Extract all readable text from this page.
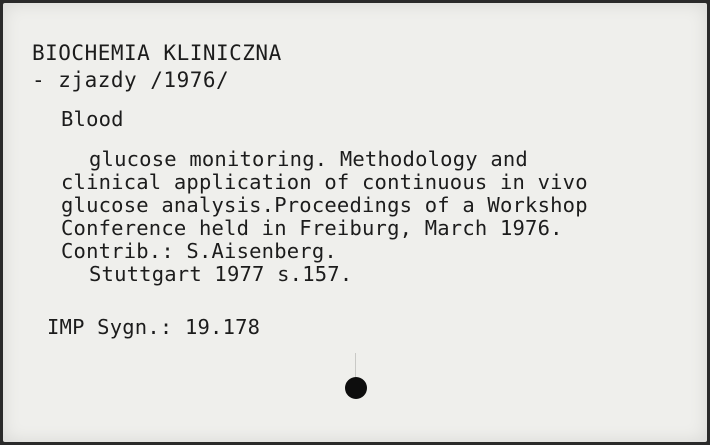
BIOCHEMIA KLINICZNA
- zjazdy /1976/
Blood
glucose monitoring. Methodology and
clinical application of continuous in vivo
glucose analysis.Proceedings of a Workshop
Conference held in Freiburg, March 1976.
Contrib.: S.Aisenberg.
Stuttgart 1977 s.157.
IMP Sygn.: 19.178
